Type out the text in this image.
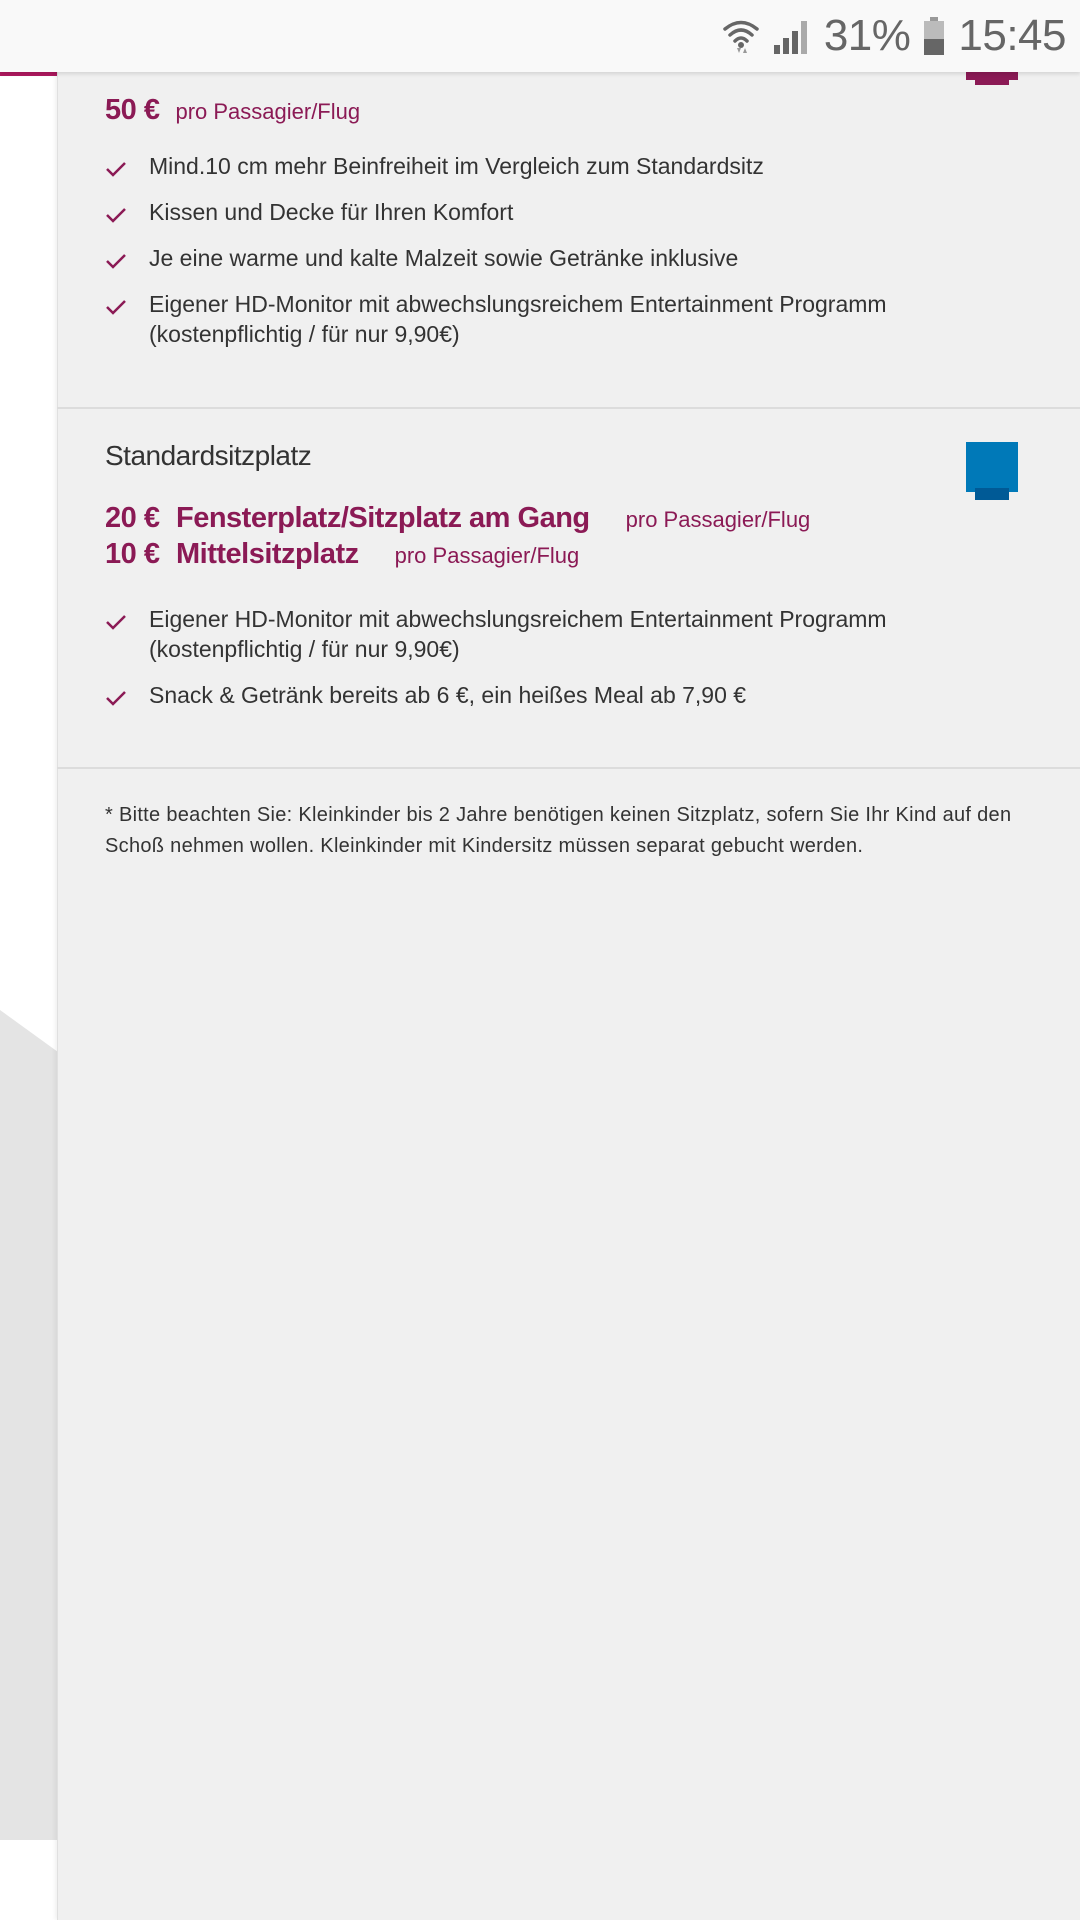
31% 15:45
50 € pro Passagier/Flug
Mind.10 cm mehr Beinfreiheit im Vergleich zum Standardsitz
Kissen und Decke für Ihren Komfort
Je eine warme und kalte Malzeit sowie Getränke inklusive
Eigener HD-Monitor mit abwechslungsreichem Entertainment Programm (kostenpflichtig / für nur 9,90€)
Standardsitzplatz
20 € Fensterplatz/Sitzplatz am Gang pro Passagier/Flug
10 € Mittelsitzplatz pro Passagier/Flug
Eigener HD-Monitor mit abwechslungsreichem Entertainment Programm (kostenpflichtig / für nur 9,90€)
Snack & Getränk bereits ab 6 €, ein heißes Meal ab 7,90 €

* Bitte beachten Sie: Kleinkinder bis 2 Jahre benötigen keinen Sitzplatz, sofern Sie Ihr Kind auf den Schoß nehmen wollen. Kleinkinder mit Kindersitz müssen separat gebucht werden.
